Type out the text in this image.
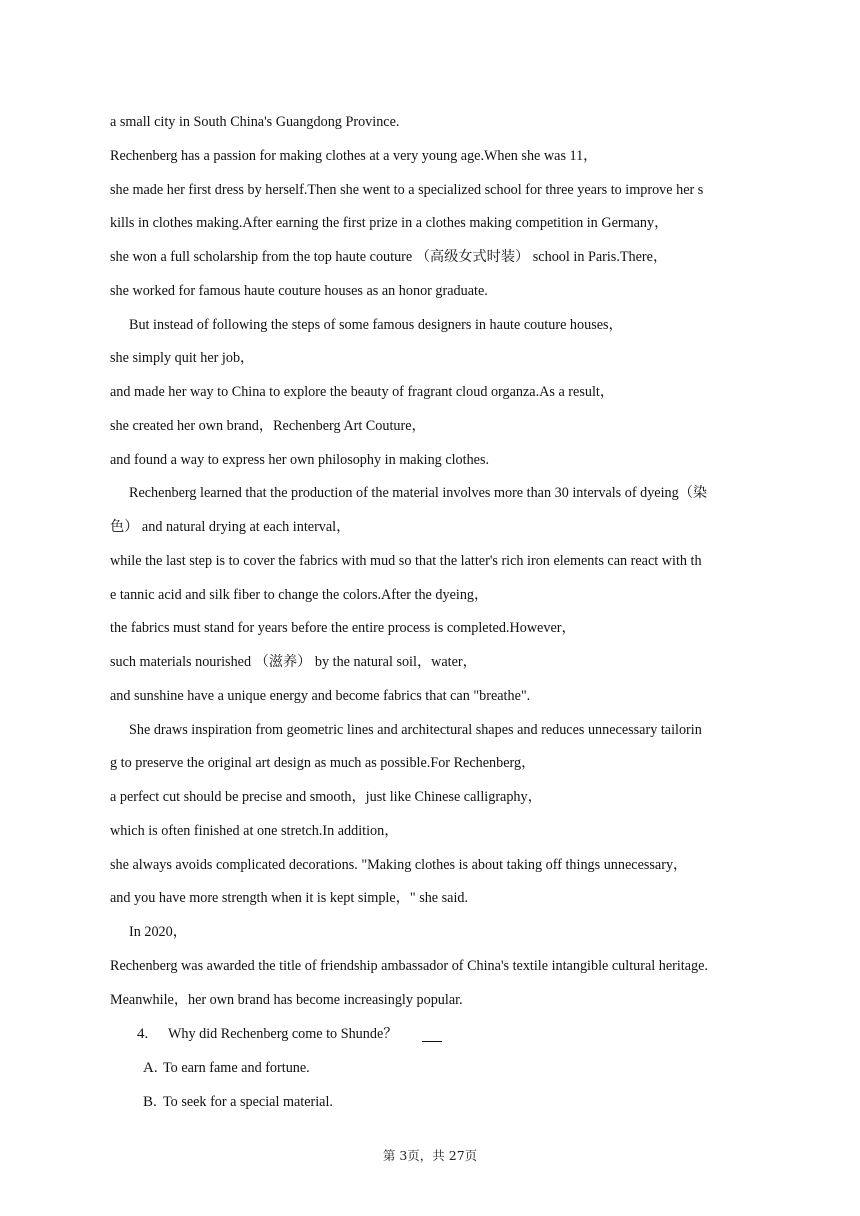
a small city in South China's Guangdong Province.
Rechenberg has a passion for making clothes at a very young age.When she was 11，
she made her first dress by herself.Then she went to a specialized school for three years to improve her s
kills in clothes making.After earning the first prize in a clothes making competition in Germany，
she won a full scholarship from the top haute couture （高级女式时装） school in Paris.There，
she worked for famous haute couture houses as an honor graduate.
But instead of following the steps of some famous designers in haute couture houses，
she simply quit her job，
and made her way to China to explore the beauty of fragrant cloud organza.As a result，
she created her own brand，Rechenberg Art Couture，
and found a way to express her own philosophy in making clothes.
Rechenberg learned that the production of the material involves more than 30 intervals of dyeing（染
色） and natural drying at each interval，
while the last step is to cover the fabrics with mud so that the latter's rich iron elements can react with th
e tannic acid and silk fiber to change the colors.After the dyeing，
the fabrics must stand for years before the entire process is completed.However，
such materials nourished （滋养） by the natural soil，water，
and sunshine have a unique energy and become fabrics that can "breathe".
She draws inspiration from geometric lines and architectural shapes and reduces unnecessary tailorin
g to preserve the original art design as much as possible.For Rechenberg，
a perfect cut should be precise and smooth，just like Chinese calligraphy，
which is often finished at one stretch.In addition，
she always avoids complicated decorations. "Making clothes is about taking off things unnecessary，
and you have more strength when it is kept simple，" she said.
In 2020，
Rechenberg was awarded the title of friendship ambassador of China's textile intangible cultural heritage.
Meanwhile，her own brand has become increasingly popular.
4. Why did Rechenberg come to Shunde？
A. To earn fame and fortune.
B. To seek for a special material.
第 3页，共 27页
